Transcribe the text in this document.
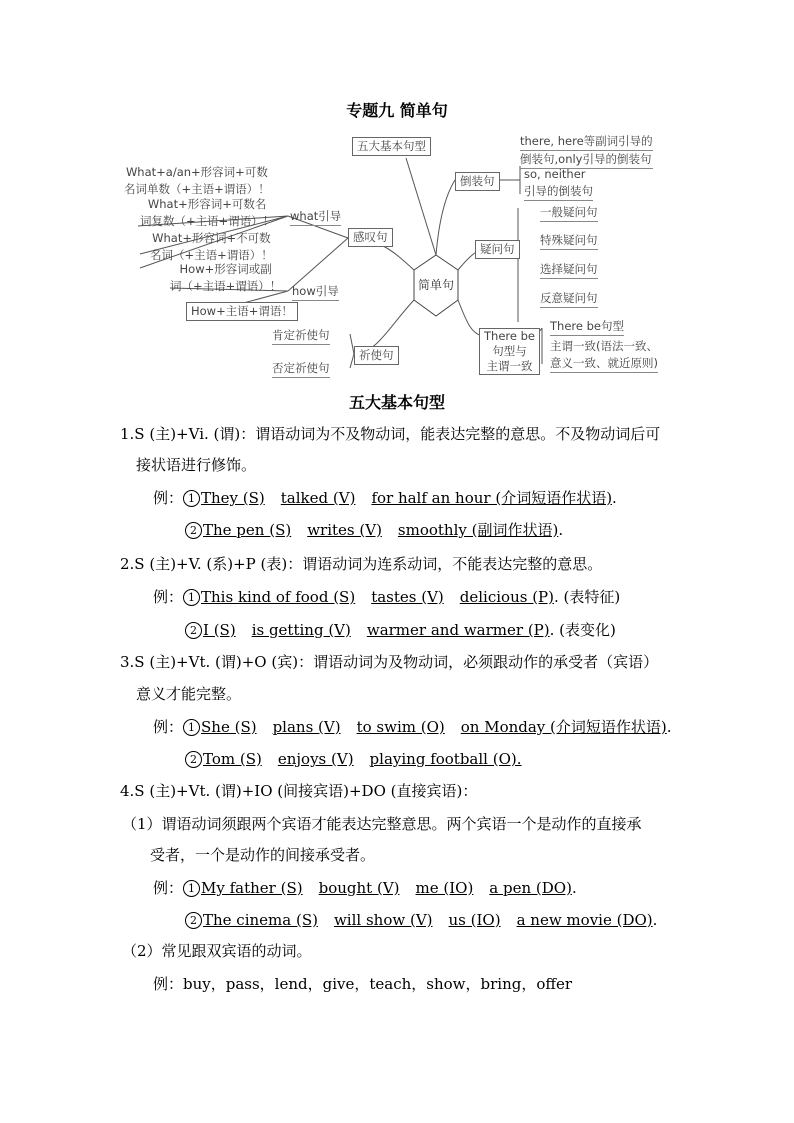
专题九 简单句
五大基本句型	there, here等副词引导的
倒装句,only引导的倒装句
倒装句	so, neither
引导的倒装句
What+a/an+形容词+可数
名词单数（+主语+谓语）！
What+形容词+可数名
词复数（+主语+谓语）！ what引导
What+形容词+不可数
名词（+主语+谓语）！
感叹句
How+形容词或副
词（+主语+谓语）！ how引导
How+主语+谓语！
简单句
一般疑问句
特殊疑问句
疑问句
选择疑问句
反意疑问句
肯定祈使句
祈使句
否定祈使句
There be
句型与
主谓一致
There be句型
主谓一致(语法一致、
意义一致、就近原则)
五大基本句型
1.S (主)+Vi. (谓)：谓语动词为不及物动词，能表达完整的意思。不及物动词后可
接状语进行修饰。
例： 1 They (S) talked (V) for half an hour (介词短语作状语).
2 The pen (S) writes (V) smoothly (副词作状语).
2.S (主)+V. (系)+P (表)：谓语动词为连系动词，不能表达完整的意思。
例： 1 This kind of food (S) tastes (V) delicious (P). (表特征)
2 I (S) is getting (V) warmer and warmer (P). (表变化)
3.S (主)+Vt. (谓)+O (宾)：谓语动词为及物动词，必须跟动作的承受者（宾语）
意义才能完整。
例： 1 She (S) plans (V) to swim (O) on Monday (介词短语作状语).
2 Tom (S) enjoys (V) playing football (O).
4.S (主)+Vt. (谓)+IO (间接宾语)+DO (直接宾语)：
（1）谓语动词须跟两个宾语才能表达完整意思。两个宾语一个是动作的直接承
受者，一个是动作的间接承受者。
例： 1 My father (S) bought (V) me (IO) a pen (DO).
2 The cinema (S) will show (V) us (IO) a new movie (DO).
（2）常见跟双宾语的动词。
例：buy，pass，lend，give，teach，show，bring，offer
